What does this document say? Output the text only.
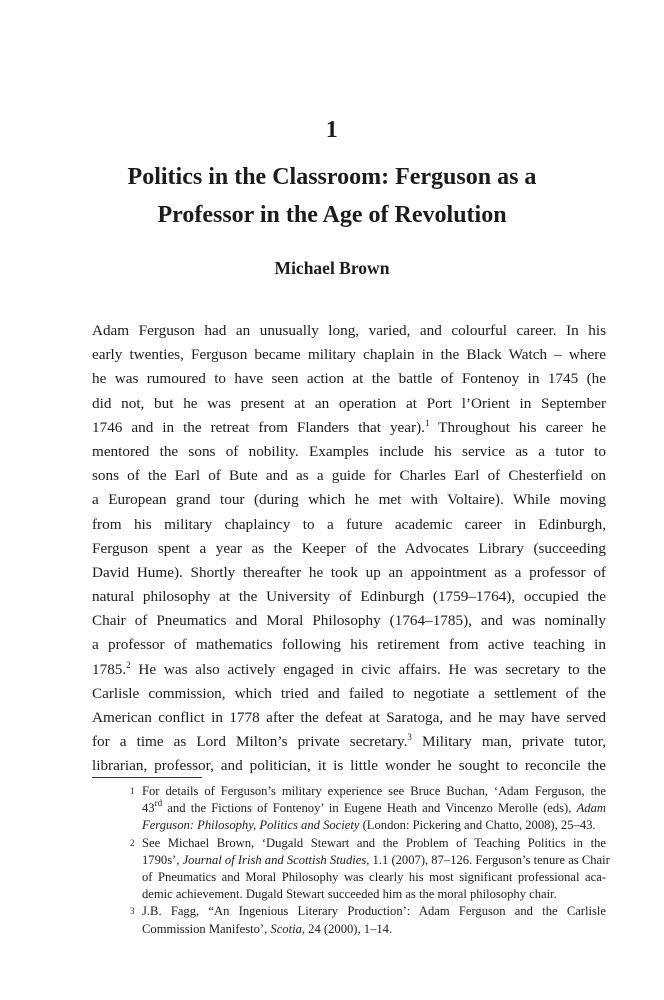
1
Politics in the Classroom: Ferguson as a
Professor in the Age of Revolution
Michael Brown
Adam Ferguson had an unusually long, varied, and colourful career. In his
early twenties, Ferguson became military chaplain in the Black Watch – where
he was rumoured to have seen action at the battle of Fontenoy in 1745 (he
did not, but he was present at an operation at Port l’Orient in September
1746 and in the retreat from Flanders that year).$^1$ Throughout his career he
mentored the sons of nobility. Examples include his service as a tutor to
sons of the Earl of Bute and as a guide for Charles Earl of Chesterfield on
a European grand tour (during which he met with Voltaire). While moving
from his military chaplaincy to a future academic career in Edinburgh,
Ferguson spent a year as the Keeper of the Advocates Library (succeeding
David Hume). Shortly thereafter he took up an appointment as a professor of
natural philosophy at the University of Edinburgh (1759–1764), occupied the
Chair of Pneumatics and Moral Philosophy (1764–1785), and was nominally
a professor of mathematics following his retirement from active teaching in
1785.$^2$ He was also actively engaged in civic affairs. He was secretary to the
Carlisle commission, which tried and failed to negotiate a settlement of the
American conflict in 1778 after the defeat at Saratoga, and he may have served
for a time as Lord Milton’s private secretary.$^3$ Military man, private tutor,
librarian, professor, and politician, it is little wonder he sought to reconcile the
1 For details of Ferguson’s military experience see Bruce Buchan, ‘Adam Ferguson, the
43rd and the Fictions of Fontenoy’ in Eugene Heath and Vincenzo Merolle (eds), Adam
Ferguson: Philosophy, Politics and Society (London: Pickering and Chatto, 2008), 25–43.
2 See Michael Brown, ‘Dugald Stewart and the Problem of Teaching Politics in the
1790s’, Journal of Irish and Scottish Studies, 1.1 (2007), 87–126. Ferguson’s tenure as Chair
of Pneumatics and Moral Philosophy was clearly his most significant professional aca-
demic achievement. Dugald Stewart succeeded him as the moral philosophy chair.
3 J.B. Fagg, “An Ingenious Literary Production’: Adam Ferguson and the Carlisle
Commission Manifesto’, Scotia, 24 (2000), 1–14.
